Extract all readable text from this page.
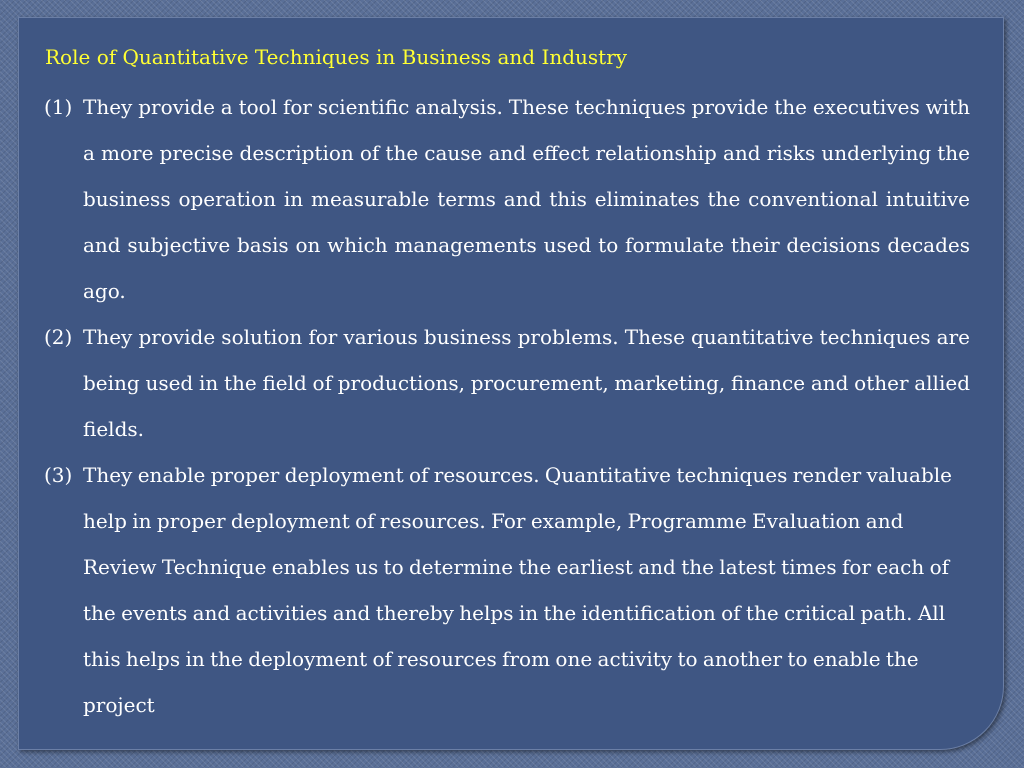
Role of Quantitative Techniques in Business and Industry
(1) They provide a tool for scientific analysis. These techniques provide the executives with a more precise description of the cause and effect relationship and risks underlying the business operation in measurable terms and this eliminates the conventional intuitive and subjective basis on which managements used to formulate their decisions decades ago.
(2) They provide solution for various business problems. These quantitative techniques are being used in the field of productions, procurement, marketing, finance and other allied fields.
(3) They enable proper deployment of resources. Quantitative techniques render valuable help in proper deployment of resources. For example, Programme Evaluation and Review Technique enables us to determine the earliest and the latest times for each of the events and activities and thereby helps in the identification of the critical path. All this helps in the deployment of resources from one activity to another to enable the project
